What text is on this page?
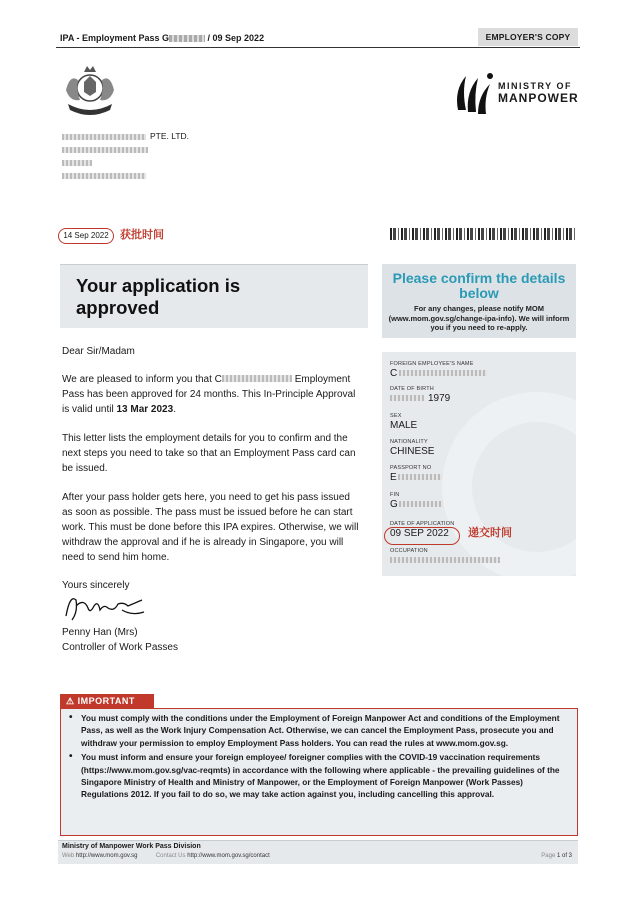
IPA - Employment Pass G	/ 09 Sep 2022	EMPLOYER'S COPY
MINISTRY OF
MANPOWER
PTE. LTD.
14 Sep 2022	获批时间
Your application is approved
Please confirm the details below
For any changes, please notify MOM (www.mom.gov.sg/change-ipa-info). We will inform you if you need to re-apply.
Dear Sir/Madam
We are pleased to inform you that C	Employment Pass has been approved for 24 months. This In-Principle Approval is valid until 13 Mar 2023.
This letter lists the employment details for you to confirm and the next steps you need to take so that an Employment Pass card can be issued.
After your pass holder gets here, you need to get his pass issued as soon as possible. The pass must be issued before he can start work. This must be done before this IPA expires. Otherwise, we will withdraw the approval and if he is already in Singapore, you will need to send him home.
Yours sincerely
Penny Han (Mrs)
Controller of Work Passes
FOREIGN EMPLOYEE'S NAME
C
DATE OF BIRTH
1979
SEX
MALE
NATIONALITY
CHINESE
PASSPORT NO
E
FIN
G
DATE OF APPLICATION
09 SEP 2022
OCCUPATION
递交时间
⚠ IMPORTANT
• You must comply with the conditions under the Employment of Foreign Manpower Act and conditions of the Employment Pass, as well as the Work Injury Compensation Act. Otherwise, we can cancel the Employment Pass, prosecute you and withdraw your permission to employ Employment Pass holders. You can read the rules at www.mom.gov.sg.
• You must inform and ensure your foreign employee/ foreigner complies with the COVID-19 vaccination requirements (https://www.mom.gov.sg/vac-reqmts) in accordance with the following where applicable - the prevailing guidelines of the Singapore Ministry of Health and Ministry of Manpower, or the Employment of Foreign Manpower (Work Passes) Regulations 2012. If you fail to do so, we may take action against you, including cancelling this approval.
Ministry of Manpower Work Pass Division
Web http://www.mom.gov.sg	Contact Us http://www.mom.gov.sg/contact	Page 1 of 3
